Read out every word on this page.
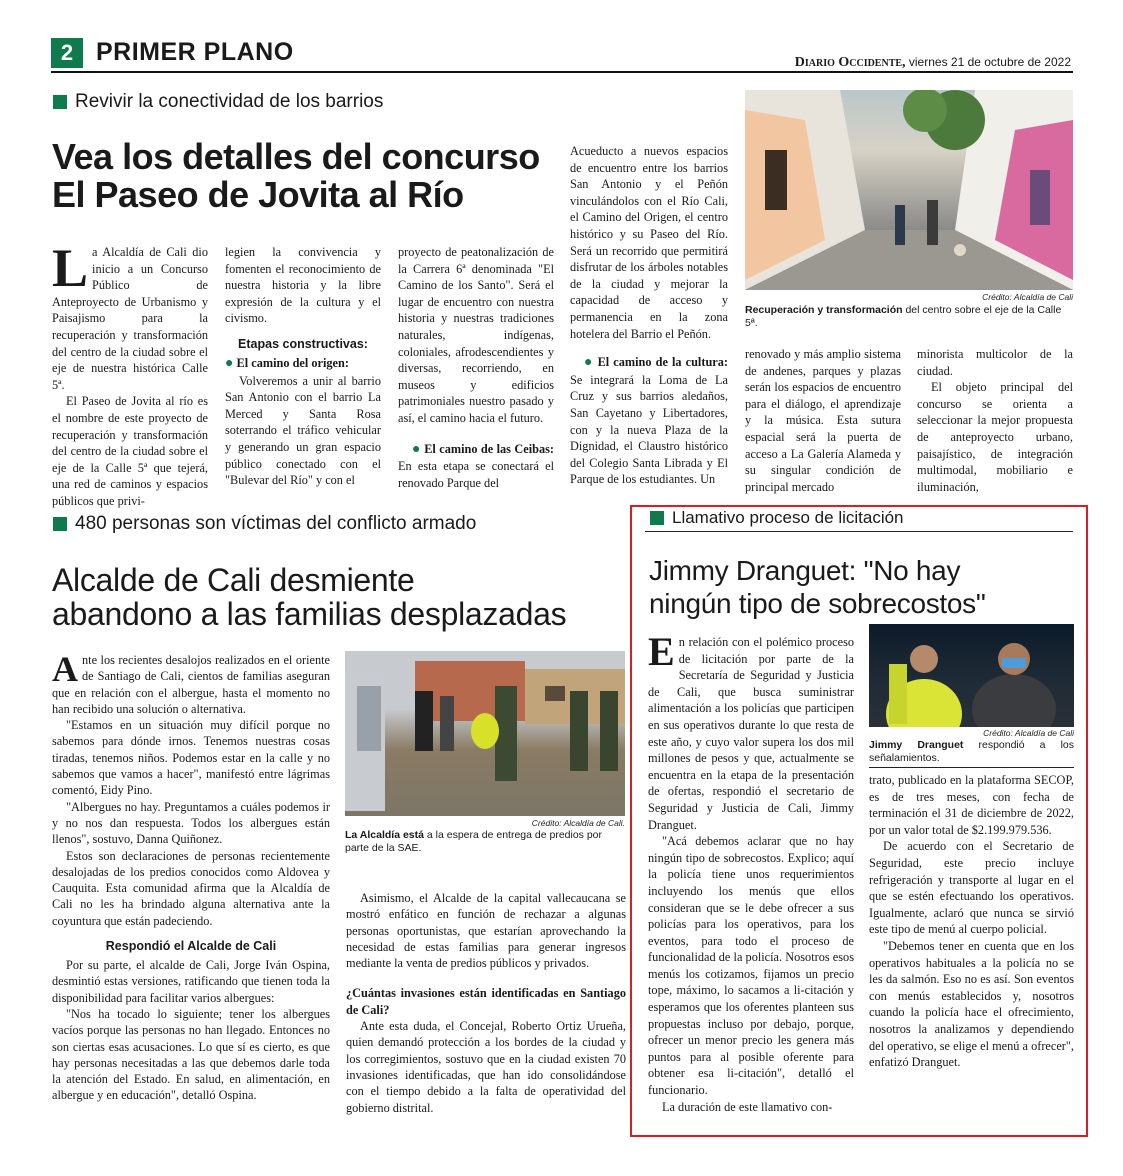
2 PRIMER PLANO	Diario Occidente, viernes 21 de octubre de 2022
Revivir la conectividad de los barrios
Vea los detalles del concurso
El Paseo de Jovita al Río

La Alcaldía de Cali dio inicio a un Concurso Público de Anteproyecto de Urbanismo y Paisajismo para la recuperación y transformación del centro de la ciudad sobre el eje de nuestra histórica Calle 5ª.

El Paseo de Jovita al río es el nombre de este proyecto de recuperación y transformación del centro de la ciudad sobre el eje de la Calle 5ª que tejerá, una red de caminos y espacios públicos que privi-

legien la convivencia y fomenten el reconocimiento de nuestra historia y la libre expresión de la cultura y el civismo.

Etapas constructivas:

● El camino del origen:

Volveremos a unir al barrio San Antonio con el barrio La Merced y Santa Rosa soterrando el tráfico vehicular y generando un gran espacio público conectado con el "Bulevar del Río" y con el

proyecto de peatonalización de la Carrera 6ª denominada "El Camino de los Santo". Será el lugar de encuentro con nuestra historia y nuestras tradiciones naturales, indígenas, coloniales, afrodescendientes y diversas, recorriendo, en museos y edificios patrimoniales nuestro pasado y así, el camino hacia el futuro.

● El camino de las Ceibas: En esta etapa se conectará el renovado Parque del

Acueducto a nuevos espacios de encuentro entre los barrios San Antonio y el Peñón vinculándolos con el Río Cali, el Camino del Origen, el centro histórico y su Paseo del Río. Será un recorrido que permitirá disfrutar de los árboles notables de la ciudad y mejorar la capacidad de acceso y permanencia en la zona hotelera del Barrio el Peñón.

● El camino de la cultura: Se integrará la Loma de La Cruz y sus barrios aledaños, San Cayetano y Libertadores, con y la nueva Plaza de la Dignidad, el Claustro histórico del Colegio Santa Librada y El Parque de los estudiantes. Un

Crédito: Alcaldía de Cali
Recuperación y transformación del centro sobre el eje de la Calle 5ª.

renovado y más amplio sistema de andenes, parques y plazas serán los espacios de encuentro para el diálogo, el aprendizaje y la música. Esta sutura espacial será la puerta de acceso a La Galería Alameda y su singular condición de principal mercado

minorista multicolor de la ciudad.

El objeto principal del concurso se orienta a seleccionar la mejor propuesta de anteproyecto urbano, paisajístico, de integración multimodal, mobiliario e iluminación,

480 personas son víctimas del conflicto armado
Alcalde de Cali desmiente
abandono a las familias desplazadas

Ante los recientes desalojos realizados en el oriente de Santiago de Cali, cientos de familias aseguran que en relación con el albergue, hasta el momento no han recibido una solución o alternativa.

"Estamos en un situación muy difícil porque no sabemos para dónde irnos. Tenemos nuestras cosas tiradas, tenemos niños. Podemos estar en la calle y no sabemos que vamos a hacer", manifestó entre lágrimas comentó, Eidy Pino.

"Albergues no hay. Preguntamos a cuáles podemos ir y no nos dan respuesta. Todos los albergues están llenos", sostuvo, Danna Quiñonez.

Estos son declaraciones de personas recientemente desalojadas de los predios conocidos como Aldovea y Cauquita. Esta comunidad afirma que la Alcaldía de Cali no les ha brindado alguna alternativa ante la coyuntura que están padeciendo.

Respondió el Alcalde de Cali

Por su parte, el alcalde de Cali, Jorge Iván Ospina, desmintió estas versiones, ratificando que tienen toda la disponibilidad para facilitar varios albergues:

"Nos ha tocado lo siguiente; tener los albergues vacíos porque las personas no han llegado. Entonces no son ciertas esas acusaciones. Lo que sí es cierto, es que hay personas necesitadas a las que debemos darle toda la atención del Estado. En salud, en alimentación, en albergue y en educación", detalló Ospina.

Crédito: Alcaldía de Cali.
La Alcaldía está a la espera de entrega de predios por parte de la SAE.

Asimismo, el Alcalde de la capital vallecaucana se mostró enfático en función de rechazar a algunas personas oportunistas, que estarían aprovechando la necesidad de estas familias para generar ingresos mediante la venta de predios públicos y privados.

¿Cuántas invasiones están identificadas en Santiago de Cali?

Ante esta duda, el Concejal, Roberto Ortiz Urueña, quien demandó protección a los bordes de la ciudad y los corregimientos, sostuvo que en la ciudad existen 70 invasiones identificadas, que han ido consolidándose con el tiempo debido a la falta de operatividad del gobierno distrital.

Llamativo proceso de licitación
Jimmy Dranguet: "No hay
ningún tipo de sobrecostos"

En relación con el polémico proceso de licitación por parte de la Secretaría de Seguridad y Justicia de Cali, que busca suministrar alimentación a los policías que participen en sus operativos durante lo que resta de este año, y cuyo valor supera los dos mil millones de pesos y que, actualmente se encuentra en la etapa de la presentación de ofertas, respondió el secretario de Seguridad y Justicia de Cali, Jimmy Dranguet.

"Acá debemos aclarar que no hay ningún tipo de sobrecostos. Explico; aquí la policía tiene unos requerimientos incluyendo los menús que ellos consideran que se le debe ofrecer a sus policías para los operativos, para los eventos, para todo el proceso de funcionalidad de la policía. Nosotros esos menús los cotizamos, fijamos un precio tope, máximo, lo sacamos a li-citación y esperamos que los oferentes planteen sus propuestas incluso por debajo, porque, ofrecer un menor precio les genera más puntos para al posible oferente para obtener esa li-citación", detalló el funcionario.

La duración de este llamativo con-

Crédito: Alcaldía de Cali
Jimmy Dranguet respondió a los señalamientos.

trato, publicado en la plataforma SECOP, es de tres meses, con fecha de terminación el 31 de diciembre de 2022, por un valor total de $2.199.979.536.

De acuerdo con el Secretario de Seguridad, este precio incluye refrigeración y transporte al lugar en el que se estén efectuando los operativos. Igualmente, aclaró que nunca se sirvió este tipo de menú al cuerpo policial.

"Debemos tener en cuenta que en los operativos habituales a la policía no se les da salmón. Eso no es así. Son eventos con menús establecidos y, nosotros cuando la policía hace el ofrecimiento, nosotros la analizamos y dependiendo del operativo, se elige el menú a ofrecer", enfatizó Dranguet.
